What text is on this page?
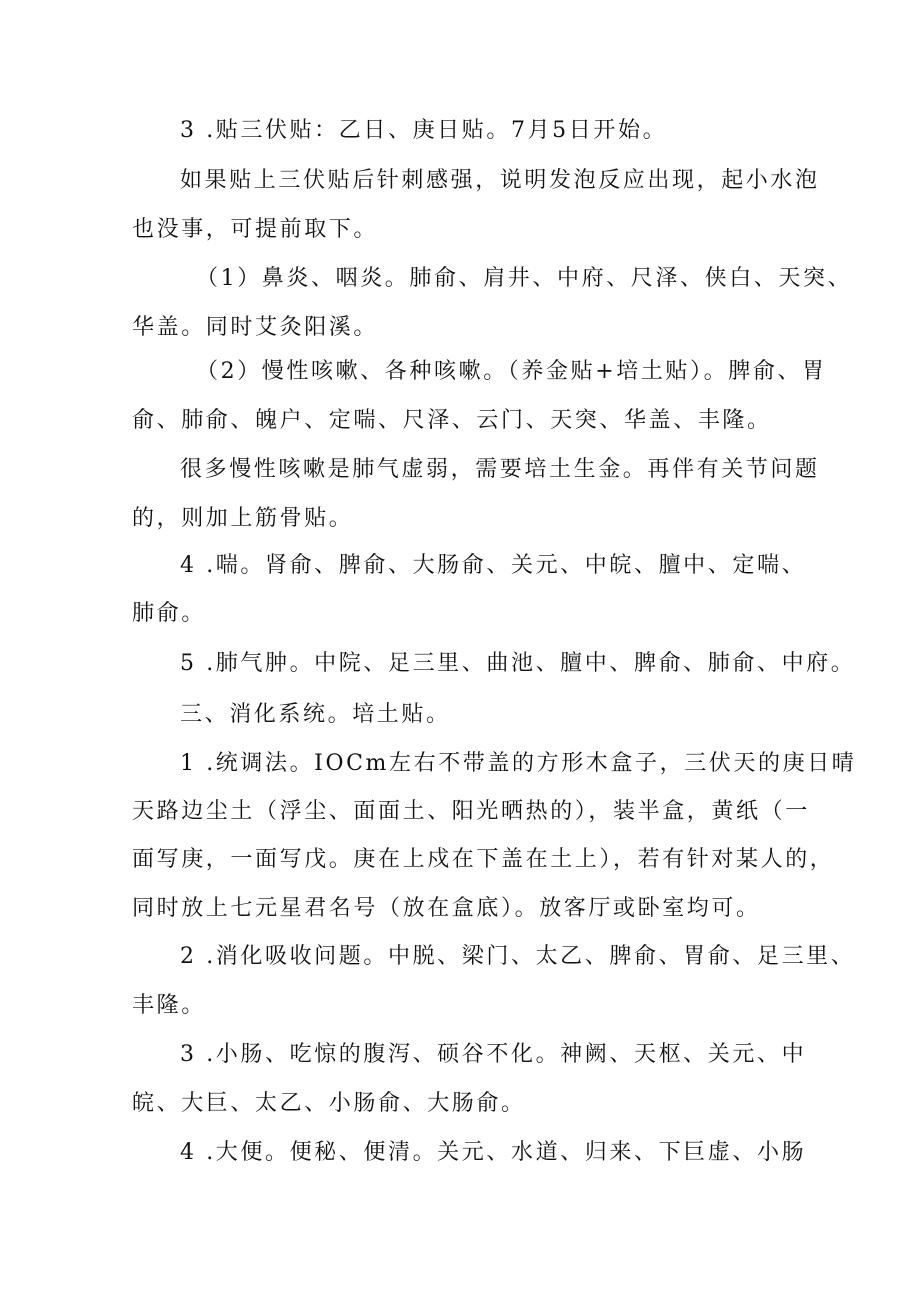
3 .贴三伏贴：乙日、庚日贴。7月5日开始。
如果贴上三伏贴后针刺感强，说明发泡反应出现，起小水泡
也没事，可提前取下。
（1）鼻炎、咽炎。肺俞、肩井、中府、尺泽、侠白、天突、
华盖。同时艾灸阳溪。
（2）慢性咳嗽、各种咳嗽。（养金贴+培土贴）。脾俞、胃
俞、肺俞、魄户、定喘、尺泽、云门、天突、华盖、丰隆。
很多慢性咳嗽是肺气虚弱，需要培土生金。再伴有关节问题
的，则加上筋骨贴。
4 .喘。肾俞、脾俞、大肠俞、关元、中皖、膻中、定喘、
肺俞。
5 .肺气肿。中院、足三里、曲池、膻中、脾俞、肺俞、中府。
三、消化系统。培土贴。
1 .统调法。IOCm左右不带盖的方形木盒子，三伏天的庚日晴
天路边尘土（浮尘、面面土、阳光晒热的），装半盒，黄纸（一
面写庚，一面写戊。庚在上戍在下盖在土上），若有针对某人的，
同时放上七元星君名号（放在盒底）。放客厅或卧室均可。
2 .消化吸收问题。中脱、梁门、太乙、脾俞、胃俞、足三里、
丰隆。
3 .小肠、吃惊的腹泻、硕谷不化。神阙、天枢、关元、中
皖、大巨、太乙、小肠俞、大肠俞。
4 .大便。便秘、便清。关元、水道、归来、下巨虚、小肠
